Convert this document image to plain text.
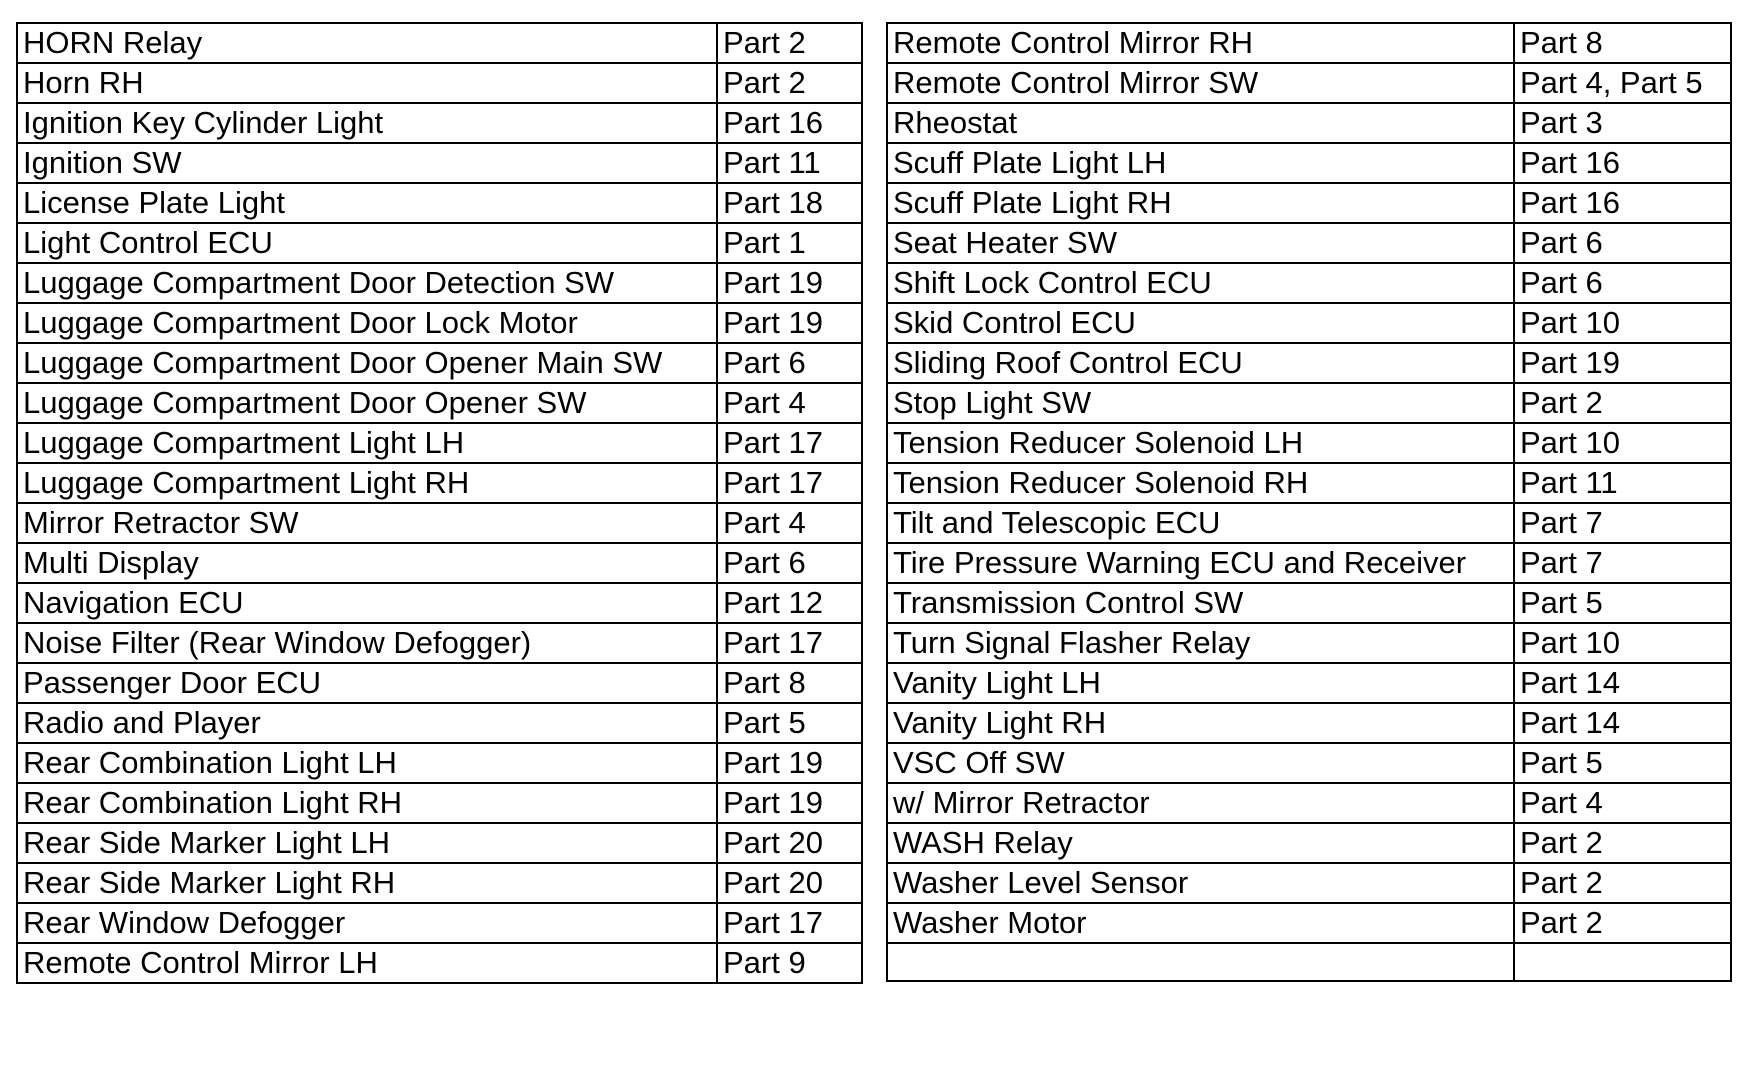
HORN Relay	Part 2
Horn RH	Part 2
Ignition Key Cylinder Light	Part 16
Ignition SW	Part 11
License Plate Light	Part 18
Light Control ECU	Part 1
Luggage Compartment Door Detection SW	Part 19
Luggage Compartment Door Lock Motor	Part 19
Luggage Compartment Door Opener Main SW	Part 6
Luggage Compartment Door Opener SW	Part 4
Luggage Compartment Light LH	Part 17
Luggage Compartment Light RH	Part 17
Mirror Retractor SW	Part 4
Multi Display	Part 6
Navigation ECU	Part 12
Noise Filter (Rear Window Defogger)	Part 17
Passenger Door ECU	Part 8
Radio and Player	Part 5
Rear Combination Light LH	Part 19
Rear Combination Light RH	Part 19
Rear Side Marker Light LH	Part 20
Rear Side Marker Light RH	Part 20
Rear Window Defogger	Part 17
Remote Control Mirror LH	Part 9
Remote Control Mirror RH	Part 8
Remote Control Mirror SW	Part 4, Part 5
Rheostat	Part 3
Scuff Plate Light LH	Part 16
Scuff Plate Light RH	Part 16
Seat Heater SW	Part 6
Shift Lock Control ECU	Part 6
Skid Control ECU	Part 10
Sliding Roof Control ECU	Part 19
Stop Light SW	Part 2
Tension Reducer Solenoid LH	Part 10
Tension Reducer Solenoid RH	Part 11
Tilt and Telescopic ECU	Part 7
Tire Pressure Warning ECU and Receiver	Part 7
Transmission Control SW	Part 5
Turn Signal Flasher Relay	Part 10
Vanity Light LH	Part 14
Vanity Light RH	Part 14
VSC Off SW	Part 5
w/ Mirror Retractor	Part 4
WASH Relay	Part 2
Washer Level Sensor	Part 2
Washer Motor	Part 2
